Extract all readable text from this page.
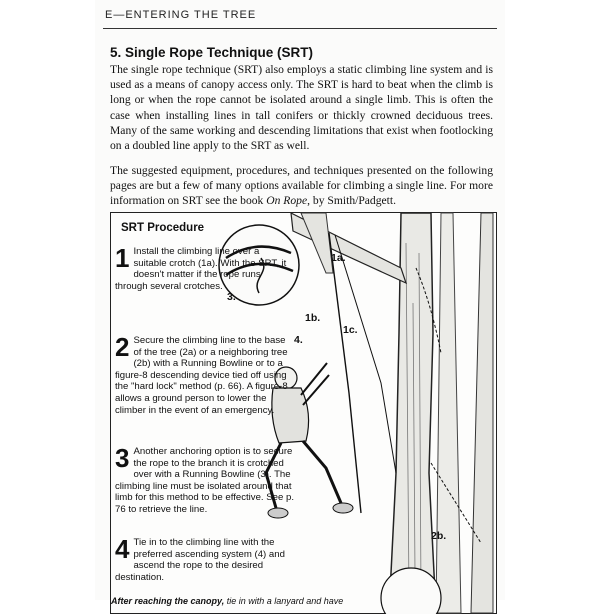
E—ENTERING THE TREE
5. Single Rope Technique (SRT)

The single rope technique (SRT) also employs a static climbing line system and is used as a means of canopy access only. The SRT is hard to beat when the climb is long or when the rope cannot be isolated around a single limb. This is often the case when installing lines in tall conifers or thickly crowned deciduous trees. Many of the same working and descending limitations that exist when footlocking on a doubled line apply to the SRT as well.

The suggested equipment, procedures, and techniques presented on the following pages are but a few of many options available for climbing a single line. For more information on SRT see the book On Rope, by Smith/Padgett.

1a.
1b.
1c.
4.
3.
2b.
SRT Procedure
1 Install the climbing line over a suitable crotch (1a). With the SRT, it doesn't matter if the rope runs through several crotches.
2 Secure the climbing line to the base of the tree (2a) or a neighboring tree (2b) with a Running Bowline or to a figure-8 descending device tied off using the "hard lock" method (p. 66). A figure-8 allows a ground person to lower the climber in the event of an emergency.
3 Another anchoring option is to secure the rope to the branch it is crotched over with a Running Bowline (3). The climbing line must be isolated around that limb for this method to be effective. See p. 76 to retrieve the line.
4 Tie in to the climbing line with the preferred ascending system (4) and ascend the rope to the desired destination.
After reaching the canopy, tie in with a lanyard and have
